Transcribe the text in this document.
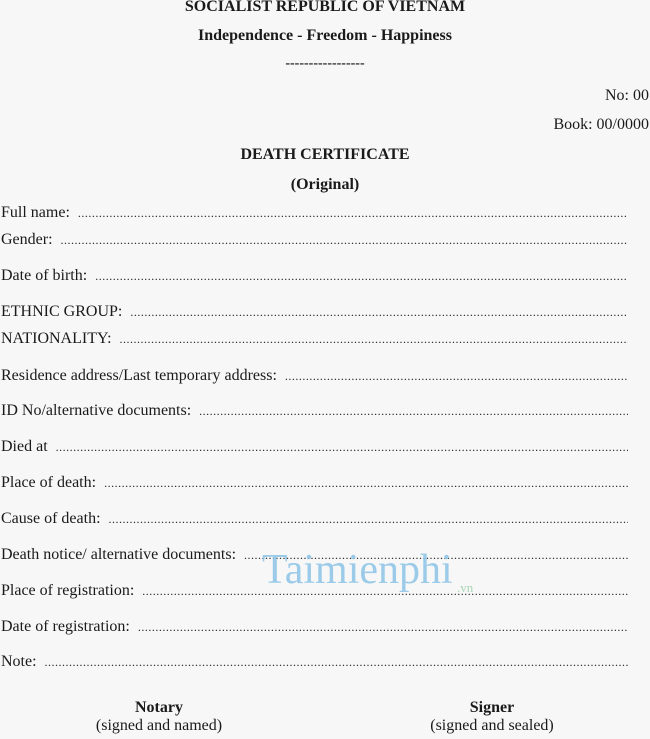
SOCIALIST REPUBLIC OF VIETNAM
Independence - Freedom - Happiness
-----------------
No: 00
Book: 00/0000
DEATH CERTIFICATE
(Original)
Full name:
.....
Gender:
.....
Date of birth:
.....
ETHNIC GROUP:
.....
NATIONALITY:
.....
Residence address/Last temporary address:
.....
ID No/alternative documents:
.....
Died at
.....
Place of death:
.....
Cause of death:
.....
Death notice/ alternative documents:
.....
Place of registration:
.....
Date of registration:
.....
Note:
.....
Taimienphi .vn
Notary
(signed and named)
Signer
(signed and sealed)
